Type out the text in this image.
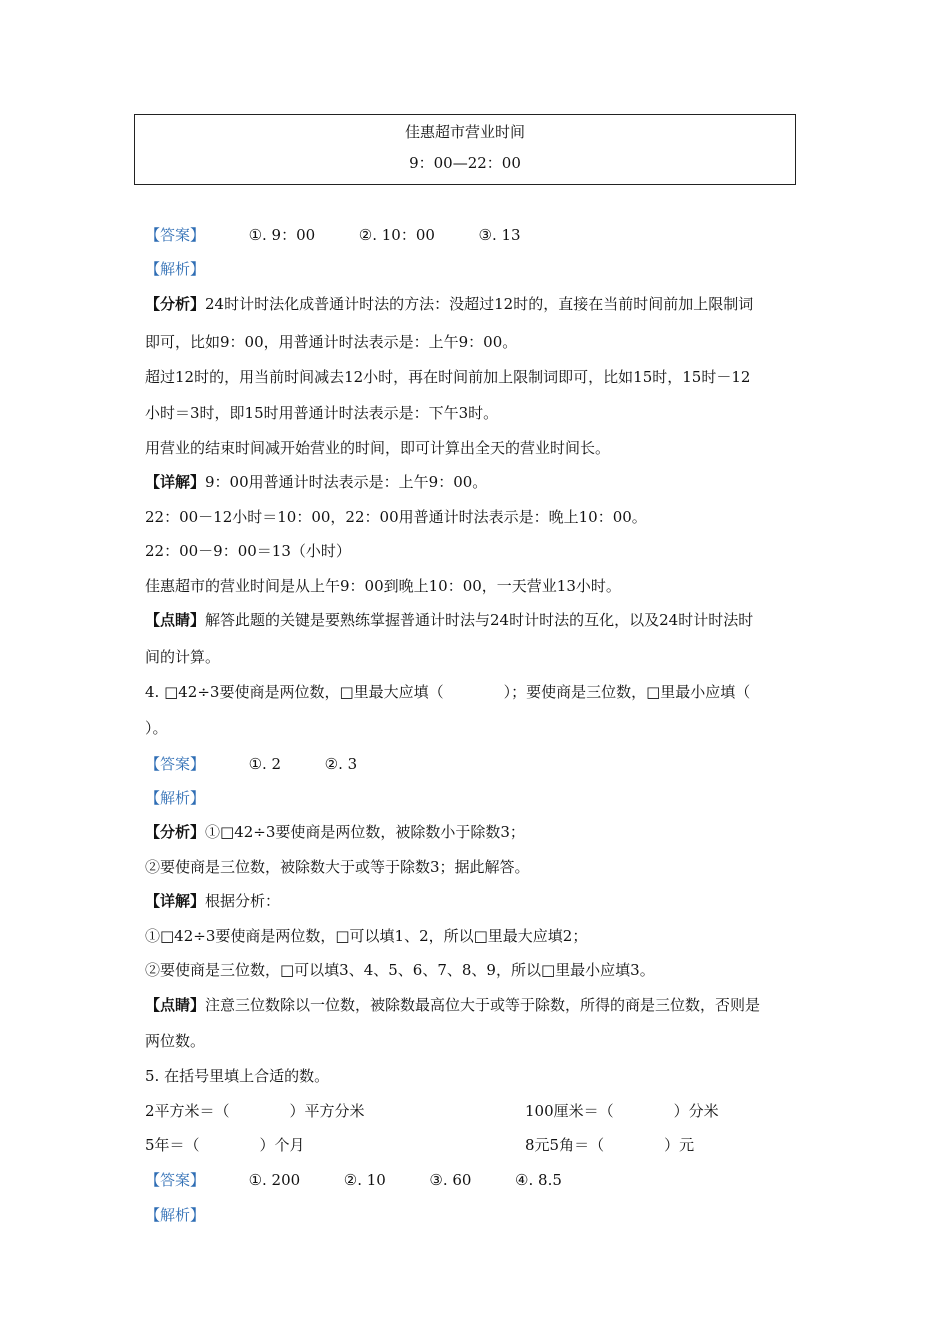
佳惠超市营业时间
9：00—22：00
【答案】	①. 9：00	②. 10：00	③. 13
【解析】
【分析】24时计时法化成普通计时法的方法：没超过12时的，直接在当前时间前加上限制词
即可，比如9：00，用普通计时法表示是：上午9：00。
超过12时的，用当前时间减去12小时，再在时间前加上限制词即可，比如15时，15时－12
小时＝3时，即15时用普通计时法表示是：下午3时。
用营业的结束时间减开始营业的时间，即可计算出全天的营业时间长。
【详解】9：00用普通计时法表示是：上午9：00。
22：00－12小时＝10：00，22：00用普通计时法表示是：晚上10：00。
22：00－9：00＝13（小时）
佳惠超市的营业时间是从上午9：00到晚上10：00，一天营业13小时。
【点睛】解答此题的关键是要熟练掌握普通计时法与24时计时法的互化，以及24时计时法时
间的计算。
4. □42÷3要使商是两位数，□里最大应填（　　　　）；要使商是三位数，□里最小应填（
）。
【答案】	①. 2	②. 3
【解析】
【分析】①□42÷3要使商是两位数，被除数小于除数3；
②要使商是三位数，被除数大于或等于除数3；据此解答。
【详解】根据分析：
①□42÷3要使商是两位数，□可以填1、2，所以□里最大应填2；
②要使商是三位数，□可以填3、4、5、6、7、8、9，所以□里最小应填3。
【点睛】注意三位数除以一位数，被除数最高位大于或等于除数，所得的商是三位数，否则是
两位数。
5. 在括号里填上合适的数。
2平方米＝（　　　　）平方分米	100厘米＝（　　　　）分米
5年＝（　　　　）个月	8元5角＝（　　　　）元
【答案】	①. 200	②. 10	③. 60	④. 8.5
【解析】
